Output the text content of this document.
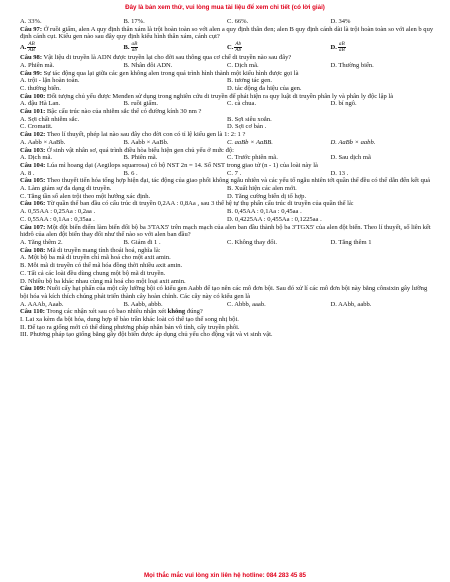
Đây là bản xem thử, vui lòng mua tài liệu để xem chi tiết (có lời giải)
A. 33%.	B. 17%.	C. 66%.	D. 34%
Câu 97: Ở ruồi giấm, alen A quy định thân xám là trội hoàn toàn so với alen a quy định thân đen; alen B quy định cánh dài là trội hoàn toàn so với alen b quy định cánh cụt. Kiểu gen nào sau đây quy định kiểu hình thân xám, cánh cụt?
A. $\frac{AB}{AB}$	B. $\frac{aB}{ab}$	C. $\frac{Ab}{Ab}$	D. $\frac{aB}{aB}$
Câu 98: Vật liệu di truyền là ADN được truyền lại cho đời sau thông qua cơ chế di truyền nào sau đây?
A. Phiên mã.	B. Nhân đôi ADN.	C. Dịch mã.	D. Thường biến.
Câu 99: Sự tác động qua lại giữa các gen không alen trong quá trình hình thành một kiểu hình được gọi là
A. trội - lặn hoàn toàn.	B. tương tác gen.
C. thường biến.	D. tác động đa hiệu của gen.
Câu 100: Đối tượng chủ yếu được Menđen sử dụng trong nghiên cứu di truyền để phát hiện ra quy luật di truyền phân ly và phân ly độc lập là
A. đậu Hà Lan.	B. ruồi giấm.	C. cà chua.	D. bí ngô.
Câu 101: Bậc cấu trúc nào của nhiễm sắc thể có đường kính 30 nm ?
A. Sợi chất nhiễm sắc.	B. Sợi siêu xoắn.
C. Cromatit.	D. Sợi cơ bản .
Câu 102: Theo lí thuyết, phép lai nào sau đây cho đời con có tỉ lệ kiểu gen là 1: 2: 1 ?
A. Aabb × AaBb.	B. Aabb × AaBb.	C. aaBb × AaBB.	D. AaBb × aabb.
Câu 103: Ở sinh vật nhân sơ, quá trình điều hòa biểu hiện gen chủ yếu ở mức độ:
A. Dịch mã.	B. Phiên mã.	C. Trước phiên mã.	D. Sau dịch mã
Câu 104: Lúa mì hoang dại (Aegilops squarrosa) có bộ NST 2n = 14. Số NST trong giao tử (n - 1) của loài này là
A. 8 .	B. 6 .	C. 7 .	D. 13 .
Câu 105: Theo thuyết tiến hóa tổng hợp hiện đại, tác động của giao phối không ngẫu nhiên và các yếu tố ngẫu nhiên tới quần thể đều có thể dẫn đến kết quả
A. Làm giảm sự đa dạng di truyền.	B. Xuất hiện các alen mới.
C. Tăng tần số alen trội theo một hướng xác định.	D. Tăng cường biến dị tổ hợp.
Câu 106: Từ quần thể ban đầu có cấu trúc di truyền 0,2AA : 0,8Aa , sau 3 thế hệ tự thụ phấn cấu trúc di truyền của quần thể là:
A. 0,55AA : 0,25Aa : 0,2aa .	B. 0,45AA : 0,1Aa : 0,45aa .
C. 0,55AA : 0,1Aa : 0,35aa .	D. 0,4225AA : 0,455Aa : 0,1225aa .
Câu 107: Một đột biến điểm làm biến đổi bộ ba 3'TAX5' trên mạch mạch của alen ban đầu thành bộ ba 3'TGX5' của alen đột biến. Theo lí thuyết, số liên kết hiđrô của alen đột biến thay đổi như thế nào so với alen ban đầu?
A. Tăng thêm 2.	B. Giảm đi 1 .	C. Không thay đổi.	D. Tăng thêm 1
Câu 108: Mã di truyền mang tính thoái hoá, nghĩa là:
A. Một bộ ba mã di truyền chỉ mã hoá cho một axit amin.
B. Mỗi mã di truyền có thể mã hóa đồng thời nhiều axit amin.
C. Tất cả các loài đều dùng chung một bộ mã di truyền.
D. Nhiều bộ ba khác nhau cùng mã hoá cho một loại axit amin.
Câu 109: Nuôi cấy hạt phấn của một cây lưỡng bội có kiểu gen Aabb để tạo nên các mô đơn bội. Sau đó xử lí các mô đơn bội này bằng cônsixin gây lưỡng bội hóa và kích thích chúng phát triển thành cây hoàn chỉnh. Các cây này có kiểu gen là
A. AAAb, Aaab.	B. Aabb, abbb.	C. Abbb, aaab.	D. AAbb, aabb.
Câu 110: Trong các nhận xét sau có bao nhiêu nhận xét không đúng?
I. Lai xa kèm đa bội hóa, dung hợp tế bào trần khác loài có thể tạo thể song nhị bội.
II. Để tạo ra giống mới có thể dùng phương pháp nhân bản vô tính, cấy truyền phôi.
III. Phương pháp tạo giống bằng gây đột biến được áp dụng chủ yếu cho động vật và vi sinh vật.
Mọi thắc mắc vui lòng xin liên hệ hotline: 084 283 45 85
